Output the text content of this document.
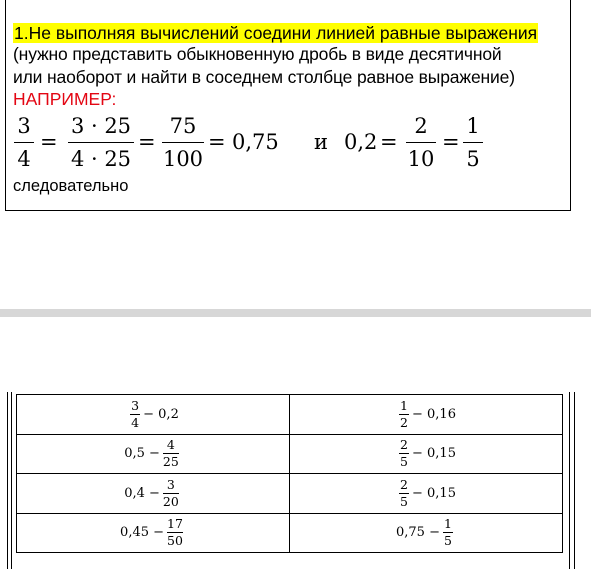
1.Не выполняя вычислений соедини линией равные выражения
(нужно представить обыкновенную дробь в виде десятичной
или наоборот и найти в соседнем столбце равное выражение)
НАПРИМЕР:
3
4
=
3 · 25
4 · 25
=
75
100
= 0,75 и 0,2 =
2
10
=
1
5
следовательно
3
4
− 0,2	1
2
− 0,16

0,5 −
4
25	2
5
− 0,15

0,4 −
3
20	2
5
− 0,15

0,45 −
17
50	0,75 −
1
5
